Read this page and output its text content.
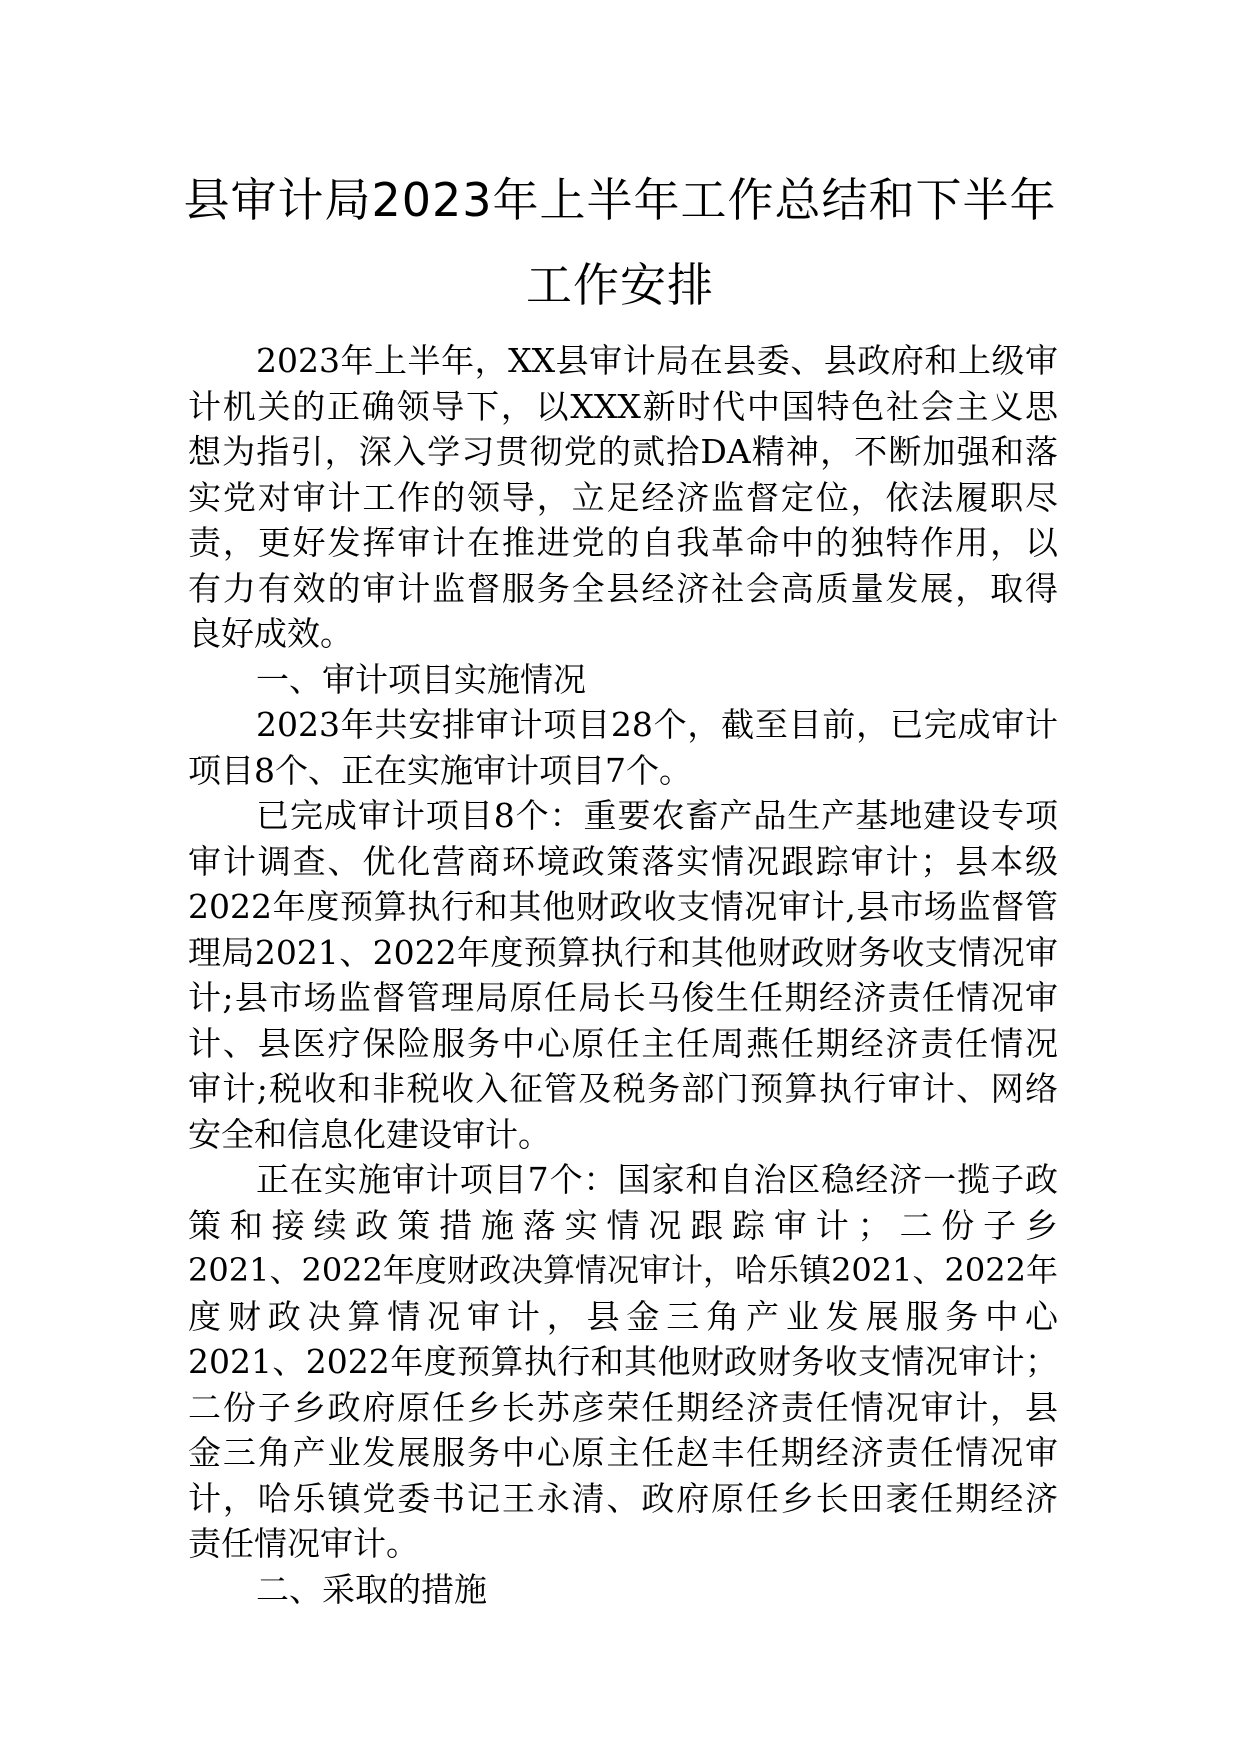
县审计局2023年上半年工作总结和下半年
工作安排
2023年上半年，XX县审计局在县委、县政府和上级审
计机关的正确领导下，以XXX新时代中国特色社会主义思
想为指引，深入学习贯彻党的贰拾DA精神，不断加强和落
实党对审计工作的领导，立足经济监督定位，依法履职尽
责，更好发挥审计在推进党的自我革命中的独特作用，以
有力有效的审计监督服务全县经济社会高质量发展，取得
良好成效。
一、审计项目实施情况
2023年共安排审计项目28个，截至目前，已完成审计
项目8个、正在实施审计项目7个。
已完成审计项目8个：重要农畜产品生产基地建设专项
审计调查、优化营商环境政策落实情况跟踪审计；县本级
2022年度预算执行和其他财政收支情况审计,县市场监督管
理局2021、2022年度预算执行和其他财政财务收支情况审
计;县市场监督管理局原任局长马俊生任期经济责任情况审
计、县医疗保险服务中心原任主任周燕任期经济责任情况
审计;税收和非税收入征管及税务部门预算执行审计、网络
安全和信息化建设审计。
正在实施审计项目7个：国家和自治区稳经济一揽子政
策和接续政策措施落实情况跟踪审计；二份子乡
2021、2022年度财政决算情况审计，哈乐镇2021、2022年
度财政决算情况审计，县金三角产业发展服务中心
2021、2022年度预算执行和其他财政财务收支情况审计；
二份子乡政府原任乡长苏彦荣任期经济责任情况审计，县
金三角产业发展服务中心原主任赵丰任期经济责任情况审
计，哈乐镇党委书记王永清、政府原任乡长田袤任期经济
责任情况审计。
二、采取的措施
